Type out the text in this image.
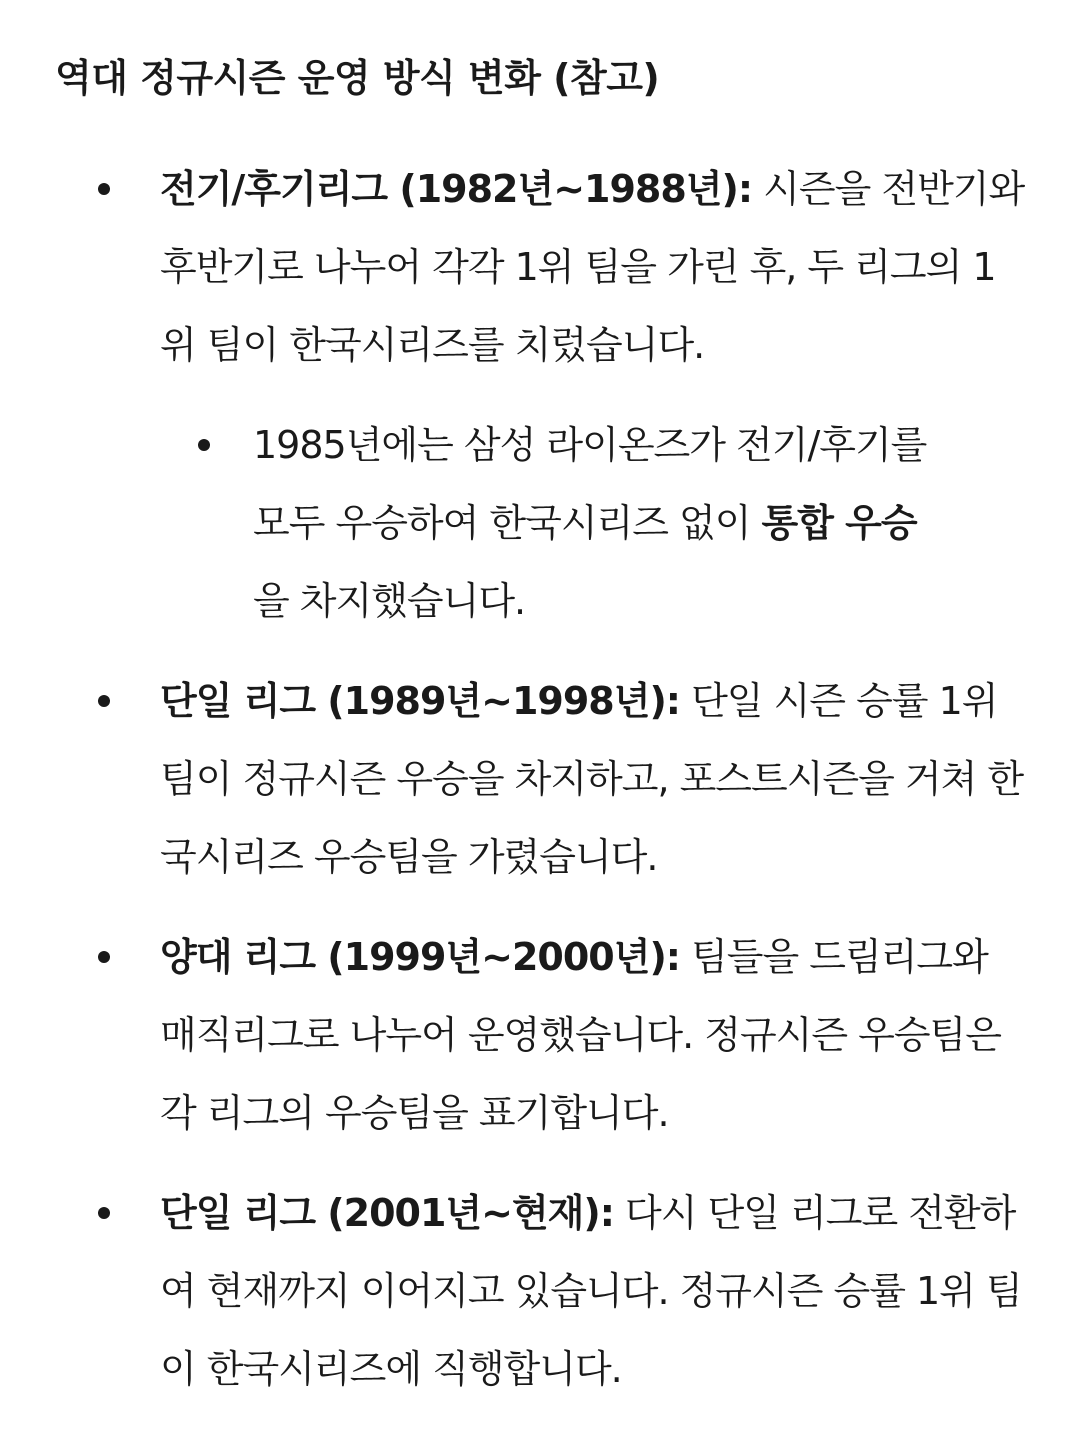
역대 정규시즌 운영 방식 변화 (참고)
전기/후기리그 (1982년~1988년): 시즌을 전반기와 후반기로 나누어 각각 1위 팀을 가린 후, 두 리그의 1위 팀이 한국시리즈를 치렀습니다.
1985년에는 삼성 라이온즈가 전기/후기를 모두 우승하여 한국시리즈 없이 통합 우승을 차지했습니다.
단일 리그 (1989년~1998년): 단일 시즌 승률 1위 팀이 정규시즌 우승을 차지하고, 포스트시즌을 거쳐 한국시리즈 우승팀을 가렸습니다.
양대 리그 (1999년~2000년): 팀들을 드림리그와 매직리그로 나누어 운영했습니다. 정규시즌 우승팀은 각 리그의 우승팀을 표기합니다.
단일 리그 (2001년~현재): 다시 단일 리그로 전환하여 현재까지 이어지고 있습니다. 정규시즌 승률 1위 팀이 한국시리즈에 직행합니다.
